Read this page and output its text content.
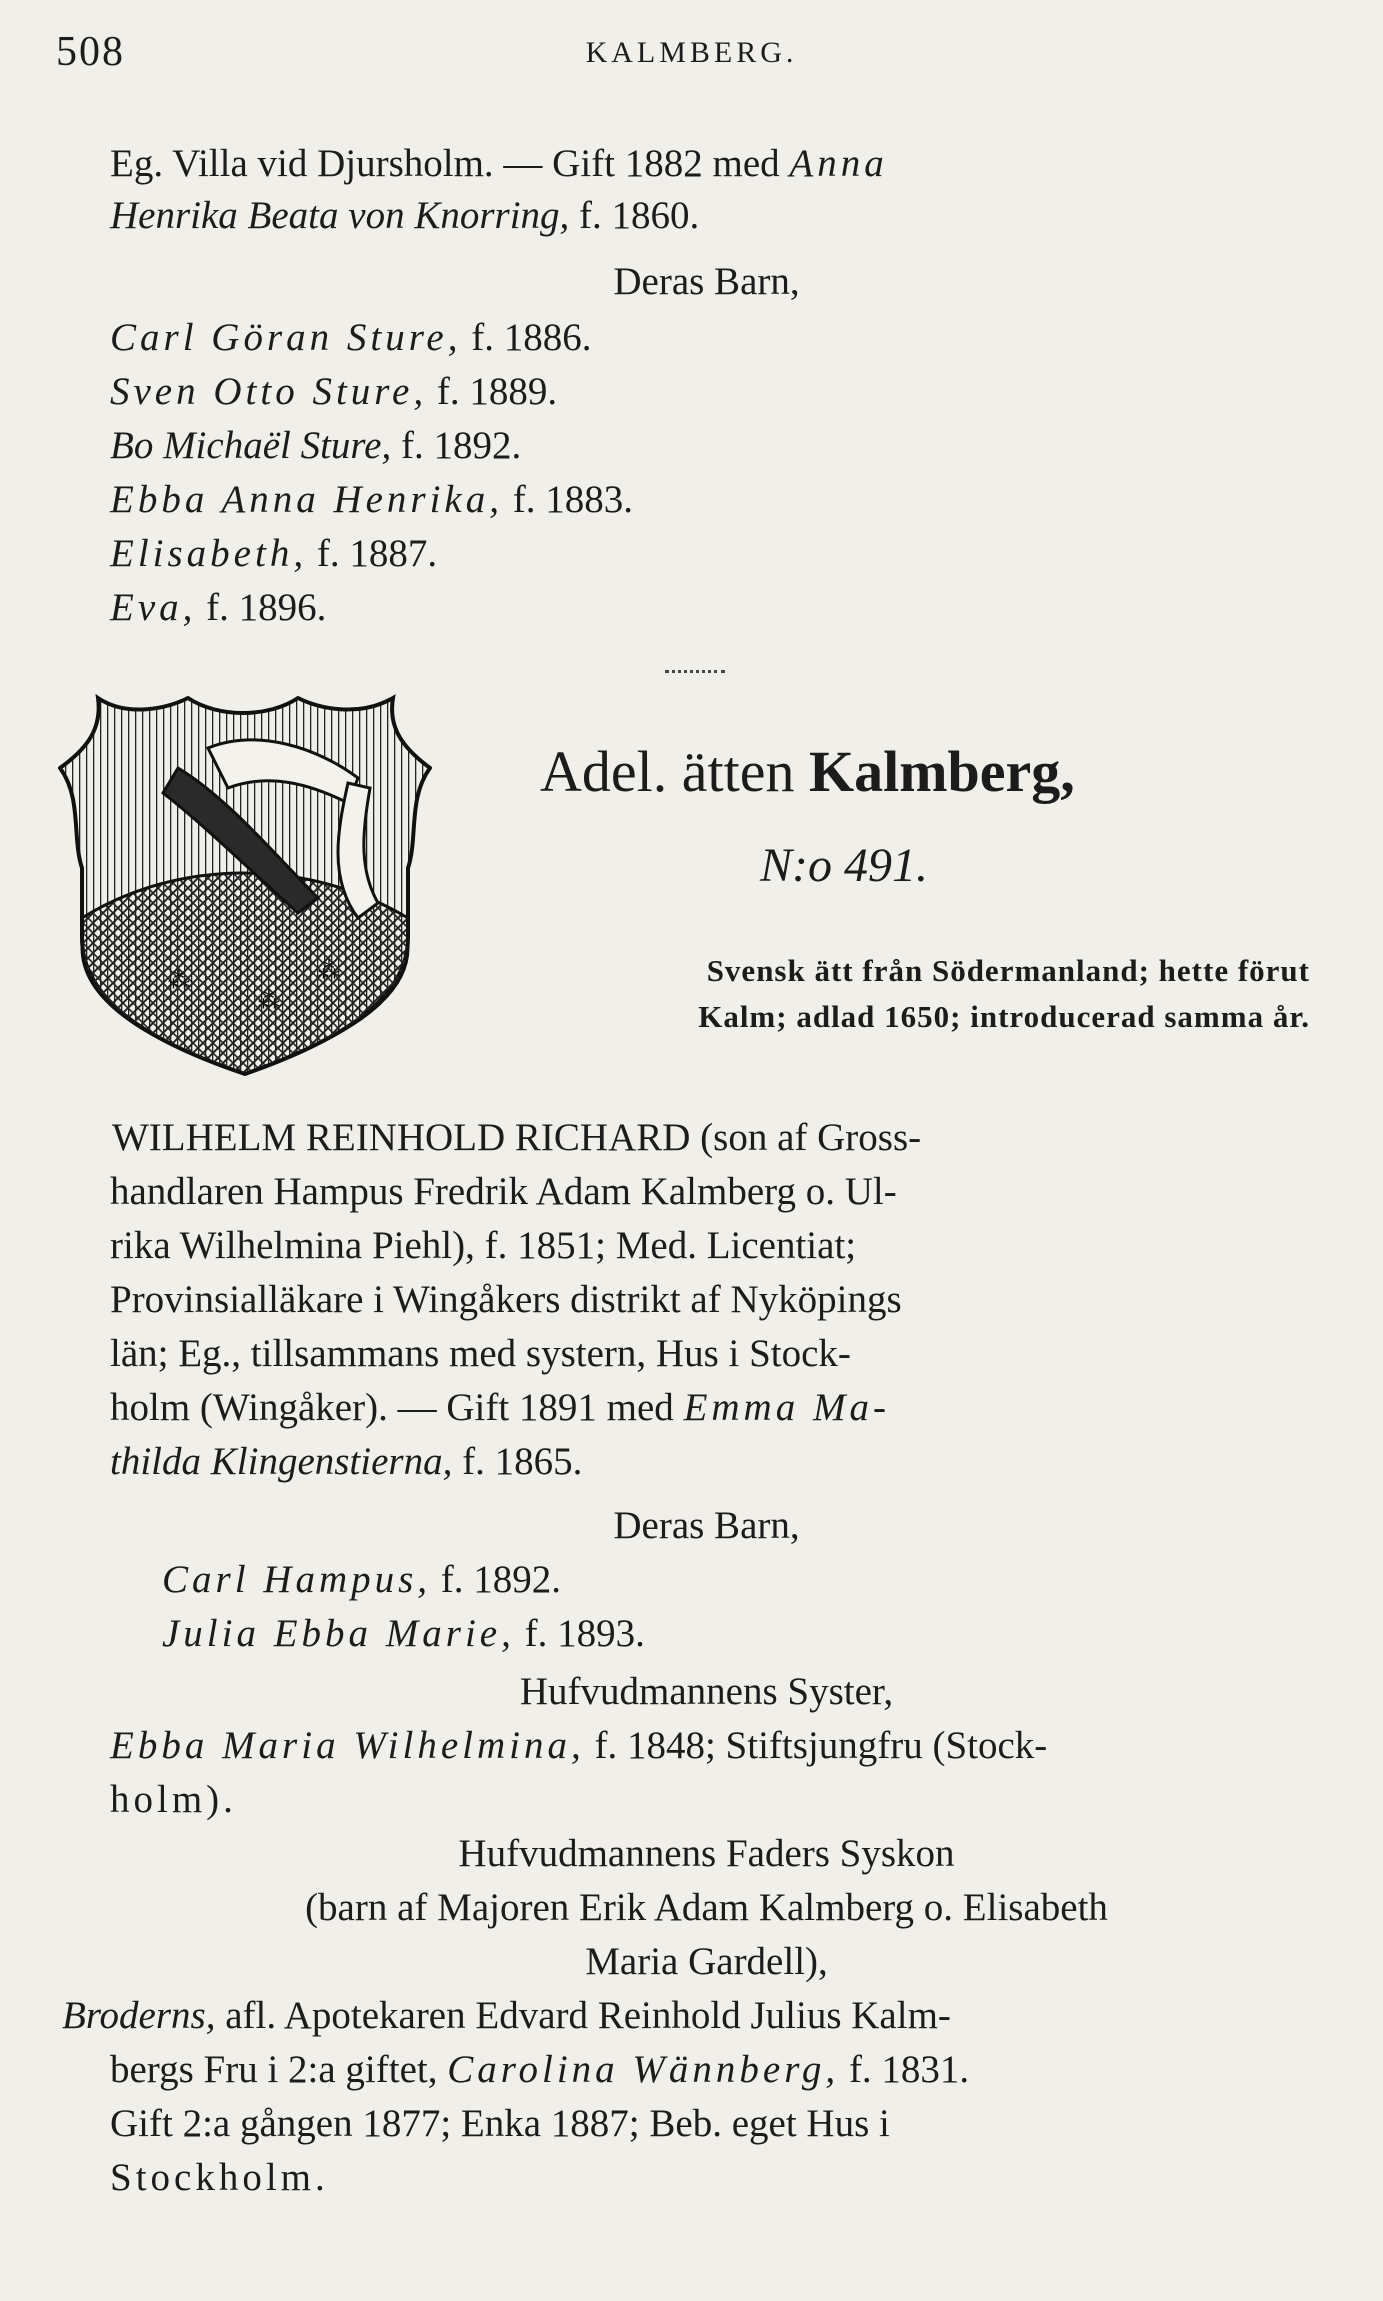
508	KALMBERG.
Eg. Villa vid Djursholm. — Gift 1882 med Anna
Henrika Beata von Knorring, f. 1860.
Deras Barn,
Carl Göran Sture, f. 1886.
Sven Otto Sture, f. 1889.
Bo Michaël Sture, f. 1892.
Ebba Anna Henrika, f. 1883.
Elisabeth, f. 1887.
Eva, f. 1896.
⁂
⁂
⁂
Adel. ätten Kalmberg,
N:o 491.
Svensk ätt från Södermanland; hette förut
Kalm; adlad 1650; introducerad samma år.
WILHELM REINHOLD RICHARD (son af Gross-
handlaren Hampus Fredrik Adam Kalmberg o. Ul-
rika Wilhelmina Piehl), f. 1851; Med. Licentiat;
Provinsialläkare i Wingåkers distrikt af Nyköpings
län; Eg., tillsammans med systern, Hus i Stock-
holm (Wingåker). — Gift 1891 med Emma Ma-
thilda Klingenstierna, f. 1865.
Deras Barn,
Carl Hampus, f. 1892.
Julia Ebba Marie, f. 1893.
Hufvudmannens Syster,
Ebba Maria Wilhelmina, f. 1848; Stiftsjungfru (Stock-
holm).
Hufvudmannens Faders Syskon
(barn af Majoren Erik Adam Kalmberg o. Elisabeth
Maria Gardell),
Broderns, afl. Apotekaren Edvard Reinhold Julius Kalm-
bergs Fru i 2:a giftet, Carolina Wännberg, f. 1831.
Gift 2:a gången 1877; Enka 1887; Beb. eget Hus i
Stockholm.
